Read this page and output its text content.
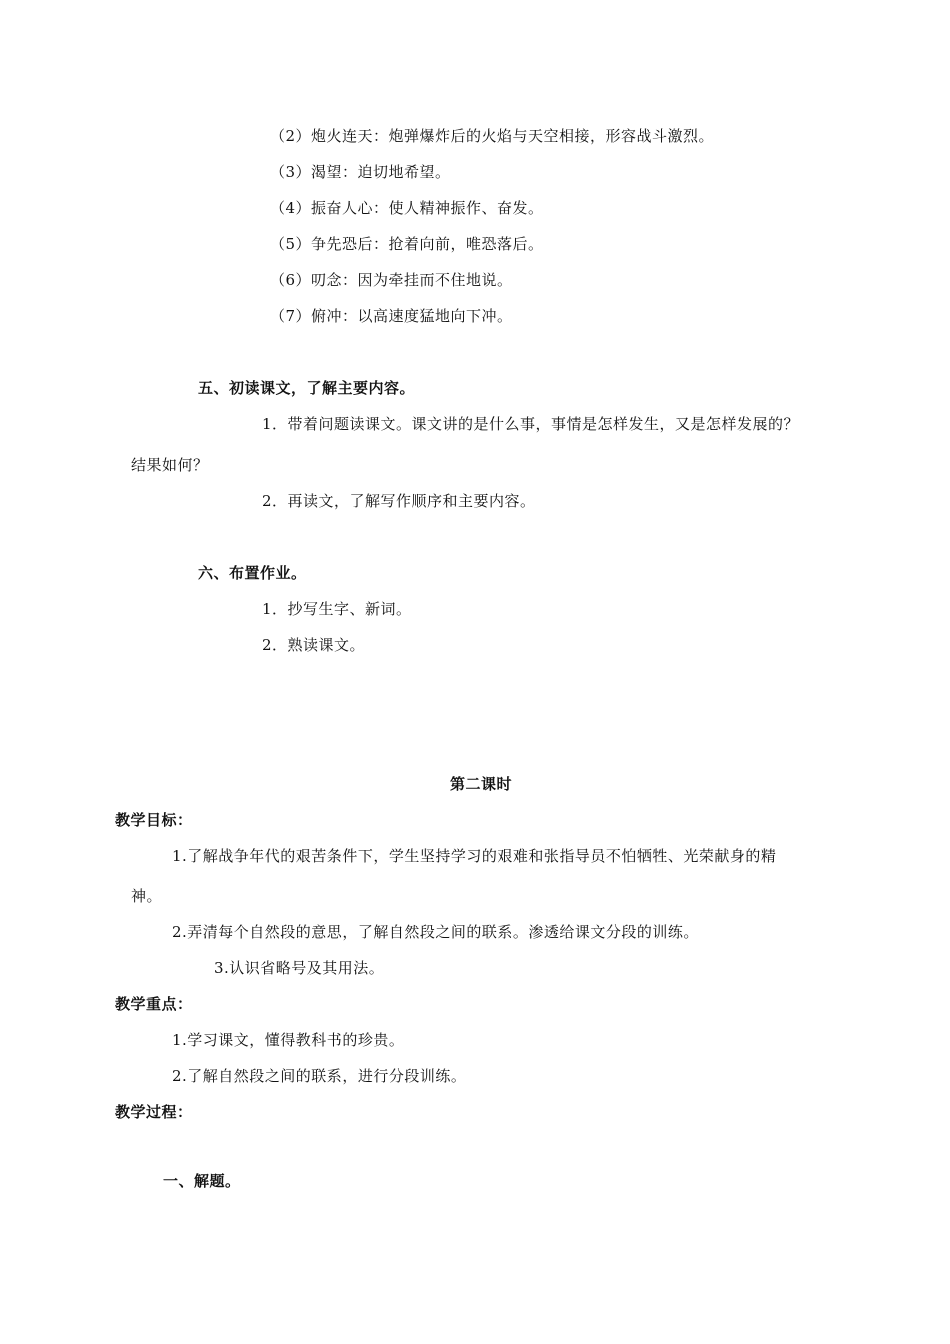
（2）炮火连天：炮弹爆炸后的火焰与天空相接，形容战斗激烈。
（3）渴望：迫切地希望。
（4）振奋人心：使人精神振作、奋发。
（5）争先恐后：抢着向前，唯恐落后。
（6）叨念：因为牵挂而不住地说。
（7）俯冲：以高速度猛地向下冲。
五、初读课文，了解主要内容。
1．带着问题读课文。课文讲的是什么事，事情是怎样发生，又是怎样发展的？
结果如何？
2．再读文，了解写作顺序和主要内容。
六、布置作业。
1．抄写生字、新词。
2．熟读课文。
第二课时
教学目标：
1.了解战争年代的艰苦条件下，学生坚持学习的艰难和张指导员不怕牺牲、光荣献身的精
神。
2.弄清每个自然段的意思，了解自然段之间的联系。渗透给课文分段的训练。
3.认识省略号及其用法。
教学重点：
1.学习课文，懂得教科书的珍贵。
2.了解自然段之间的联系，进行分段训练。
教学过程：
一、解题。
